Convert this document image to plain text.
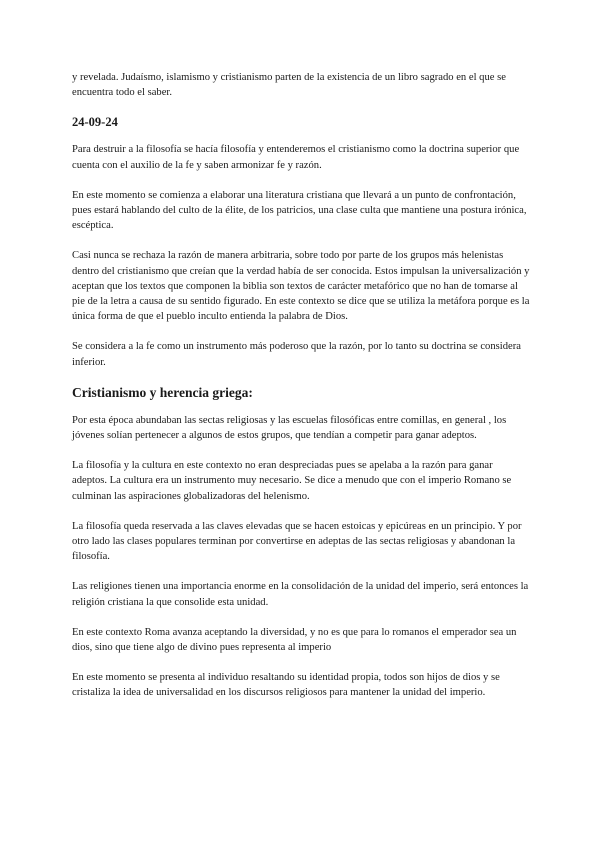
y revelada. Judaísmo, islamismo y cristianismo parten de la existencia de un libro sagrado en el que se encuentra todo el saber.

24-09-24

Para destruir a la filosofía se hacía filosofía y entenderemos el cristianismo como la doctrina superior que cuenta con el auxilio de la fe y saben armonizar fe y razón.

En este momento se comienza a elaborar una literatura cristiana que llevará a un punto de confrontación, pues estará hablando del culto de la élite, de los patricios, una clase culta que mantiene una postura irónica, escéptica.

Casi nunca se rechaza la razón de manera arbitraria, sobre todo por parte de los grupos más helenistas dentro del cristianismo que creían que la verdad había de ser conocida. Estos impulsan la universalización y aceptan que los textos que componen la biblia son textos de carácter metafórico que no han de tomarse al pie de la letra a causa de su sentido figurado. En este contexto se dice que se utiliza la metáfora porque es la única forma de que el pueblo inculto entienda la palabra de Dios.

Se considera a la fe como un instrumento más poderoso que la razón, por lo tanto su doctrina se considera inferior.

Cristianismo y herencia griega:

Por esta época abundaban las sectas religiosas y las escuelas filosóficas entre comillas, en general , los jóvenes solían pertenecer a algunos de estos grupos, que tendían a competir para ganar adeptos.

La filosofía y la cultura en este contexto no eran despreciadas pues se apelaba a la razón para ganar adeptos. La cultura era un instrumento muy necesario. Se dice a menudo que con el imperio Romano se culminan las aspiraciones globalizadoras del helenismo.

La filosofía queda reservada a las claves elevadas que se hacen estoicas y epicúreas en un principio. Y por otro lado las clases populares terminan por convertirse en adeptas de las sectas religiosas y abandonan la filosofía.

Las religiones tienen una importancia enorme en la consolidación de la unidad del imperio, será entonces la religión cristiana la que consolide esta unidad.

En este contexto Roma avanza aceptando la diversidad, y no es que para lo romanos el emperador sea un dios, sino que tiene algo de divino pues representa al imperio

En este momento se presenta al individuo resaltando su identidad propia, todos son hijos de dios y se cristaliza la idea de universalidad en los discursos religiosos para mantener la unidad del imperio.
